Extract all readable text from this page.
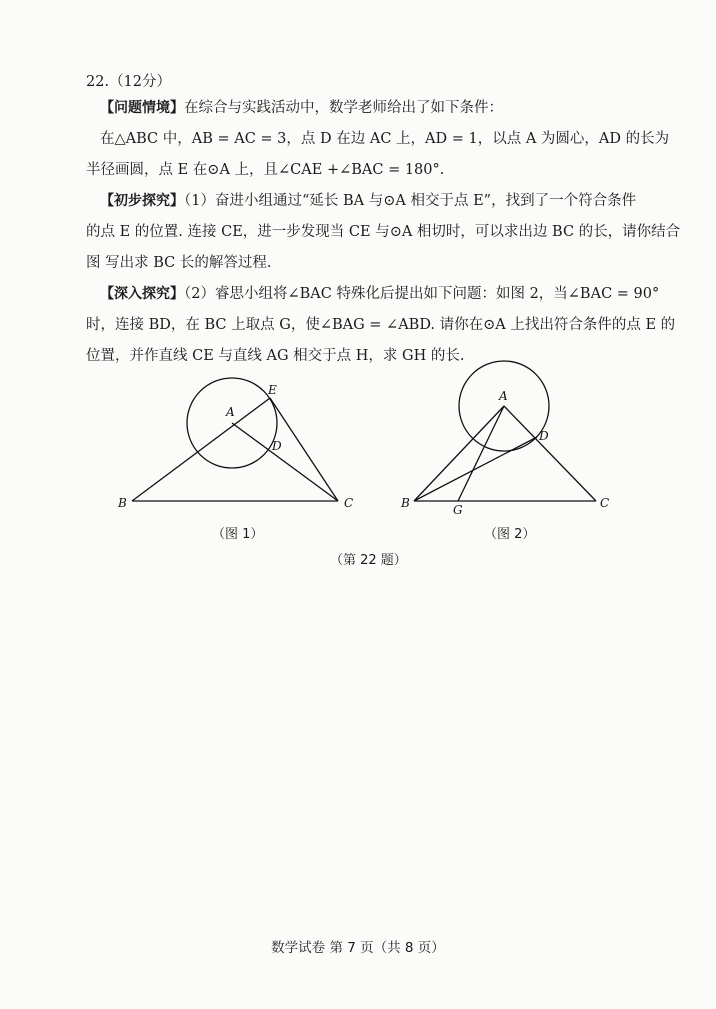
22.（12分）
【问题情境】在综合与实践活动中，数学老师给出了如下条件：
在△ABC 中，AB = AC = 3，点 D 在边 AC 上，AD = 1，以点 A 为圆心，AD 的长为
半径画圆，点 E 在⊙A 上，且∠CAE +∠BAC = 180°.
【初步探究】（1）奋进小组通过“延长 BA 与⊙A 相交于点 E”，找到了一个符合条件
的点 E 的位置. 连接 CE，进一步发现当 CE 与⊙A 相切时，可以求出边 BC 的长，请你结合
图 写出求 BC 长的解答过程.
【深入探究】（2）睿思小组将∠BAC 特殊化后提出如下问题：如图 2，当∠BAC = 90°
时，连接 BD，在 BC 上取点 G，使∠BAG = ∠ABD. 请你在⊙A 上找出符合条件的点 E 的
位置，并作直线 CE 与直线 AG 相交于点 H，求 GH 的长.
A
E
D
B	C
A
D
B	G	C
（图 1）	（图 2）
（第 22 题）
数学试卷 第 7 页（共 8 页）
